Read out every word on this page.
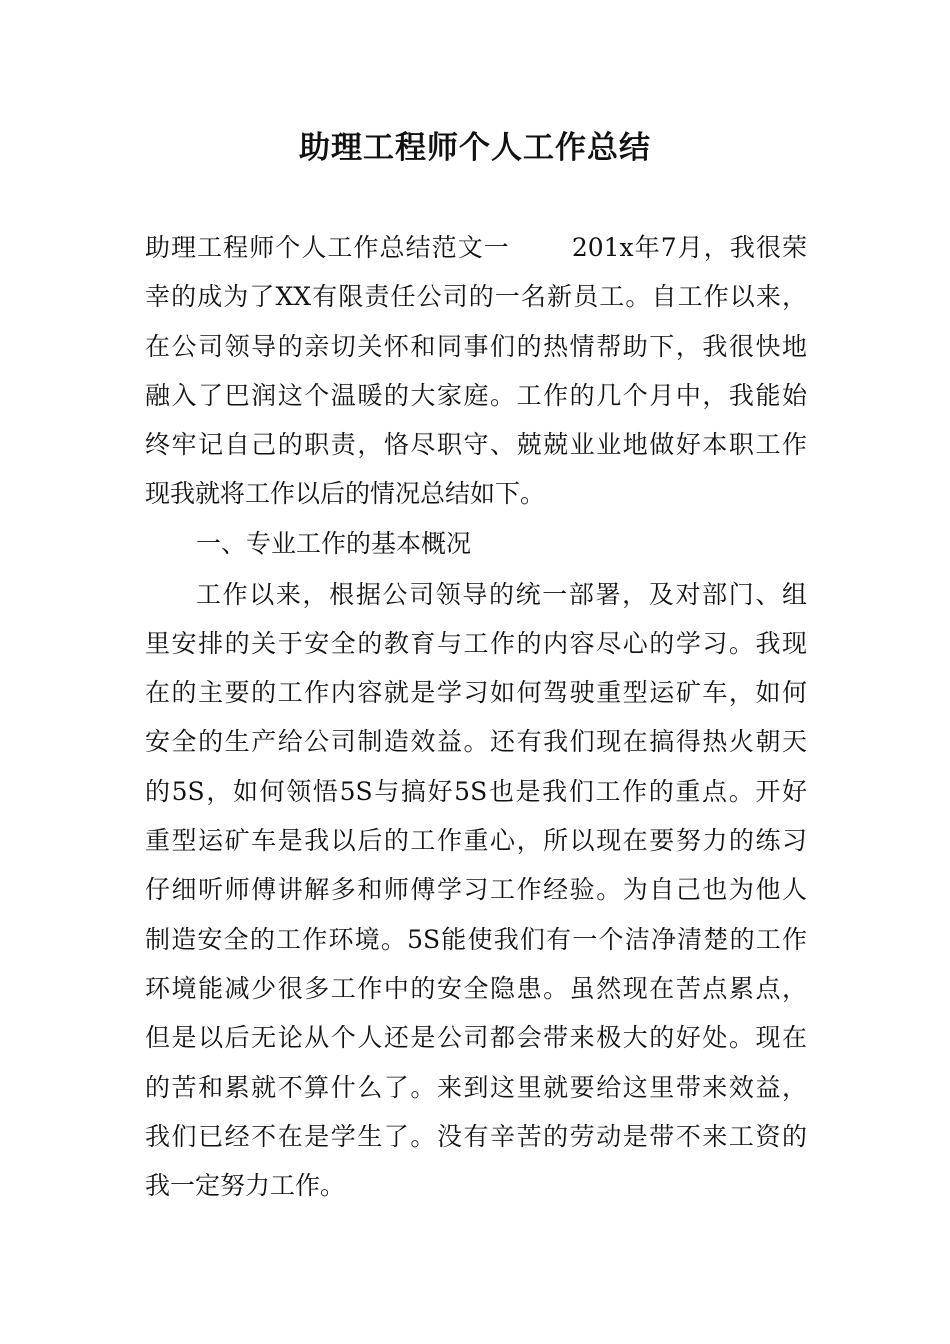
助理工程师个人工作总结

助理工程师个人工作总结范文一 201x年7月，我很荣

幸的成为了XX有限责任公司的一名新员工。自工作以来，

在公司领导的亲切关怀和同事们的热情帮助下，我很快地

融入了巴润这个温暖的大家庭。工作的几个月中，我能始

终牢记自己的职责，恪尽职守、兢兢业业地做好本职工作

现我就将工作以后的情况总结如下。

一、专业工作的基本概况

工作以来，根据公司领导的统一部署，及对部门、组

里安排的关于安全的教育与工作的内容尽心的学习。我现

在的主要的工作内容就是学习如何驾驶重型运矿车，如何

安全的生产给公司制造效益。还有我们现在搞得热火朝天

的5S，如何领悟5S与搞好5S也是我们工作的重点。开好

重型运矿车是我以后的工作重心，所以现在要努力的练习

仔细听师傅讲解多和师傅学习工作经验。为自己也为他人

制造安全的工作环境。5S能使我们有一个洁净清楚的工作

环境能减少很多工作中的安全隐患。虽然现在苦点累点，

但是以后无论从个人还是公司都会带来极大的好处。现在

的苦和累就不算什么了。来到这里就要给这里带来效益，

我们已经不在是学生了。没有辛苦的劳动是带不来工资的

我一定努力工作。
